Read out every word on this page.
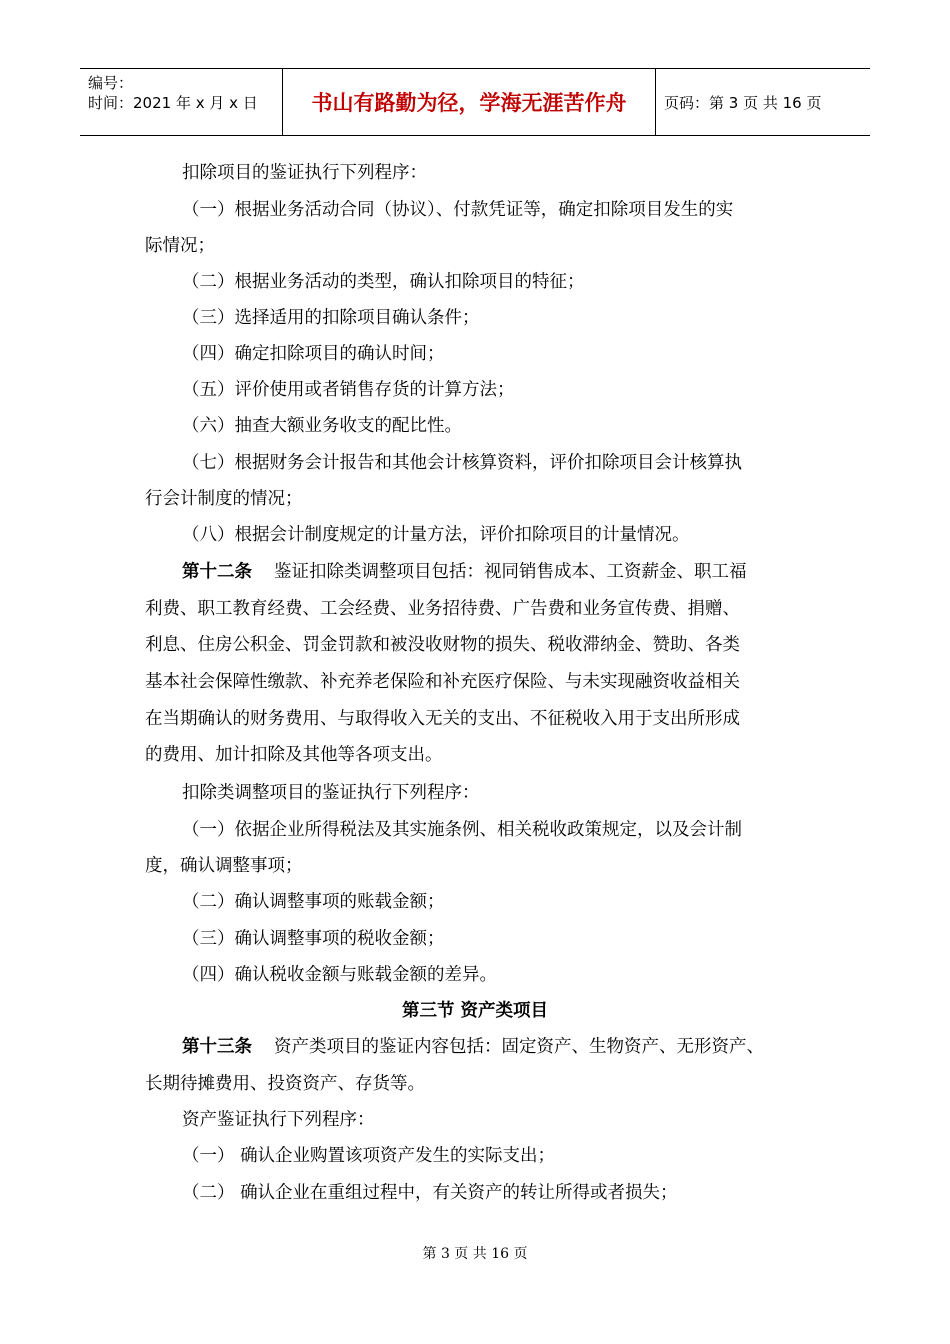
编号：
时间：2021 年 x 月 x 日	书山有路勤为径，学海无涯苦作舟	页码：第 3 页 共 16 页
扣除项目的鉴证执行下列程序：
（一）根据业务活动合同（协议）、付款凭证等，确定扣除项目发生的实
际情况；
（二）根据业务活动的类型，确认扣除项目的特征；
（三）选择适用的扣除项目确认条件；
（四）确定扣除项目的确认时间；
（五）评价使用或者销售存货的计算方法；
（六）抽查大额业务收支的配比性。
（七）根据财务会计报告和其他会计核算资料，评价扣除项目会计核算执
行会计制度的情况；
（八）根据会计制度规定的计量方法，评价扣除项目的计量情况。
第十二条 鉴证扣除类调整项目包括：视同销售成本、工资薪金、职工福
利费、职工教育经费、工会经费、业务招待费、广告费和业务宣传费、捐赠、
利息、住房公积金、罚金罚款和被没收财物的损失、税收滞纳金、赞助、各类
基本社会保障性缴款、补充养老保险和补充医疗保险、与未实现融资收益相关
在当期确认的财务费用、与取得收入无关的支出、不征税收入用于支出所形成
的费用、加计扣除及其他等各项支出。
扣除类调整项目的鉴证执行下列程序：
（一）依据企业所得税法及其实施条例、相关税收政策规定，以及会计制
度，确认调整事项；
（二）确认调整事项的账载金额；
（三）确认调整事项的税收金额；
（四）确认税收金额与账载金额的差异。
第三节 资产类项目
第十三条 资产类项目的鉴证内容包括：固定资产、生物资产、无形资产、
长期待摊费用、投资资产、存货等。
资产鉴证执行下列程序：
（一） 确认企业购置该项资产发生的实际支出；
（二） 确认企业在重组过程中，有关资产的转让所得或者损失；
第 3 页 共 16 页
